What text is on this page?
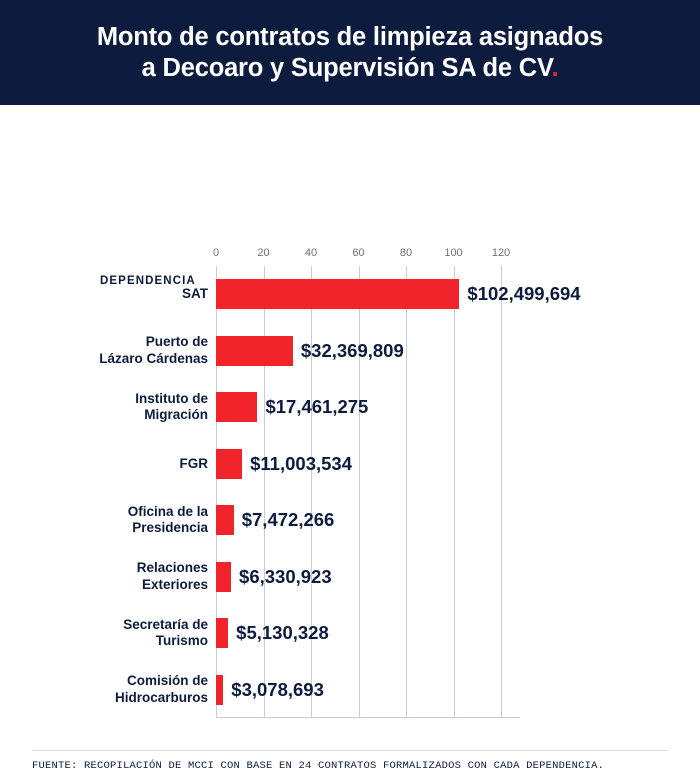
Monto de contratos de limpieza asignados
a Decoaro y Supervisión SA de CV.
DEPENDENCIA
0	20	40	60	80	100	120
SAT	$102,499,694
Puerto de
Lázaro Cárdenas	$32,369,809
Instituto de
Migración	$17,461,275
FGR $11,003,534
Oficina de la
Presidencia $7,472,266
Relaciones
Exteriores $6,330,923
Secretaría de
Turismo $5,130,328
Comisión de
Hidrocarburos $3,078,693
FUENTE: RECOPILACIÓN DE MCCI CON BASE EN 24 CONTRATOS FORMALIZADOS CON CADA DEPENDENCIA.
